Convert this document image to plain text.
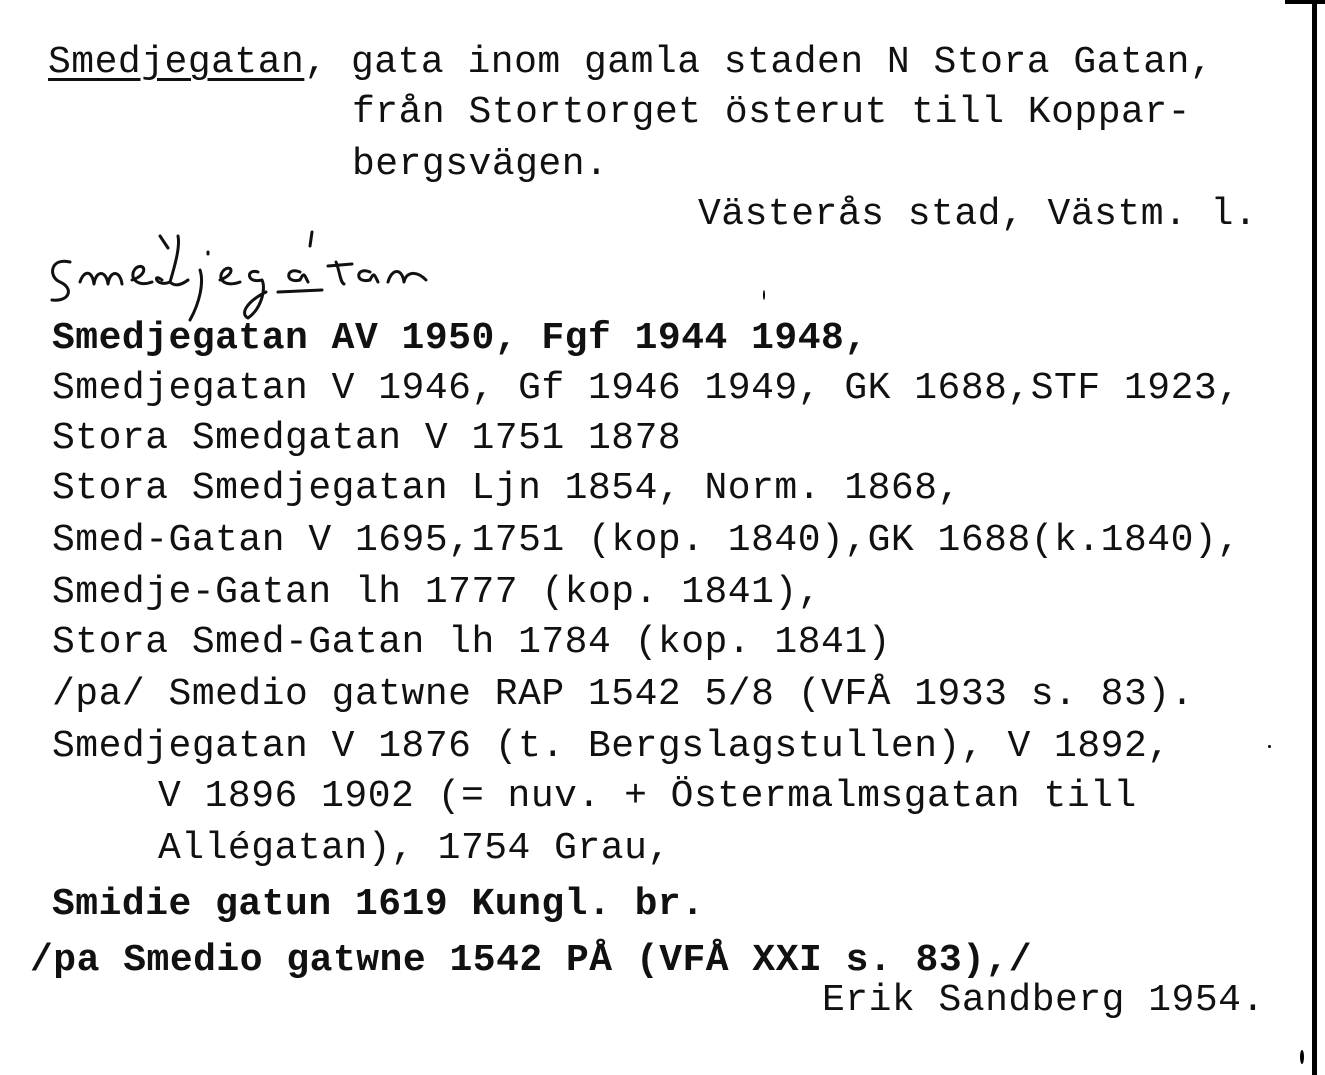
Smedjegatan, gata inom gamla staden N Stora Gatan,
från Stortorget österut till Koppar-
bergsvägen.
Västerås stad, Västm. l.
Smedjegatan AV 1950, Fgf 1944 1948,
Smedjegatan V 1946, Gf 1946 1949, GK 1688,STF 1923,
Stora Smedgatan V 1751 1878
Stora Smedjegatan Ljn 1854, Norm. 1868,
Smed-Gatan V 1695,1751 (kop. 1840),GK 1688(k.1840),
Smedje-Gatan lh 1777 (kop. 1841),
Stora Smed-Gatan lh 1784 (kop. 1841)
/pa/ Smedio gatwne RAP 1542 5/8 (VFÅ 1933 s. 83).
Smedjegatan V 1876 (t. Bergslagstullen), V 1892,
V 1896 1902 (= nuv. + Östermalmsgatan till
Allégatan), 1754 Grau,
Smidie gatun 1619 Kungl. br.
/pa Smedio gatwne 1542 PÅ (VFÅ XXI s. 83),/
Erik Sandberg 1954.
